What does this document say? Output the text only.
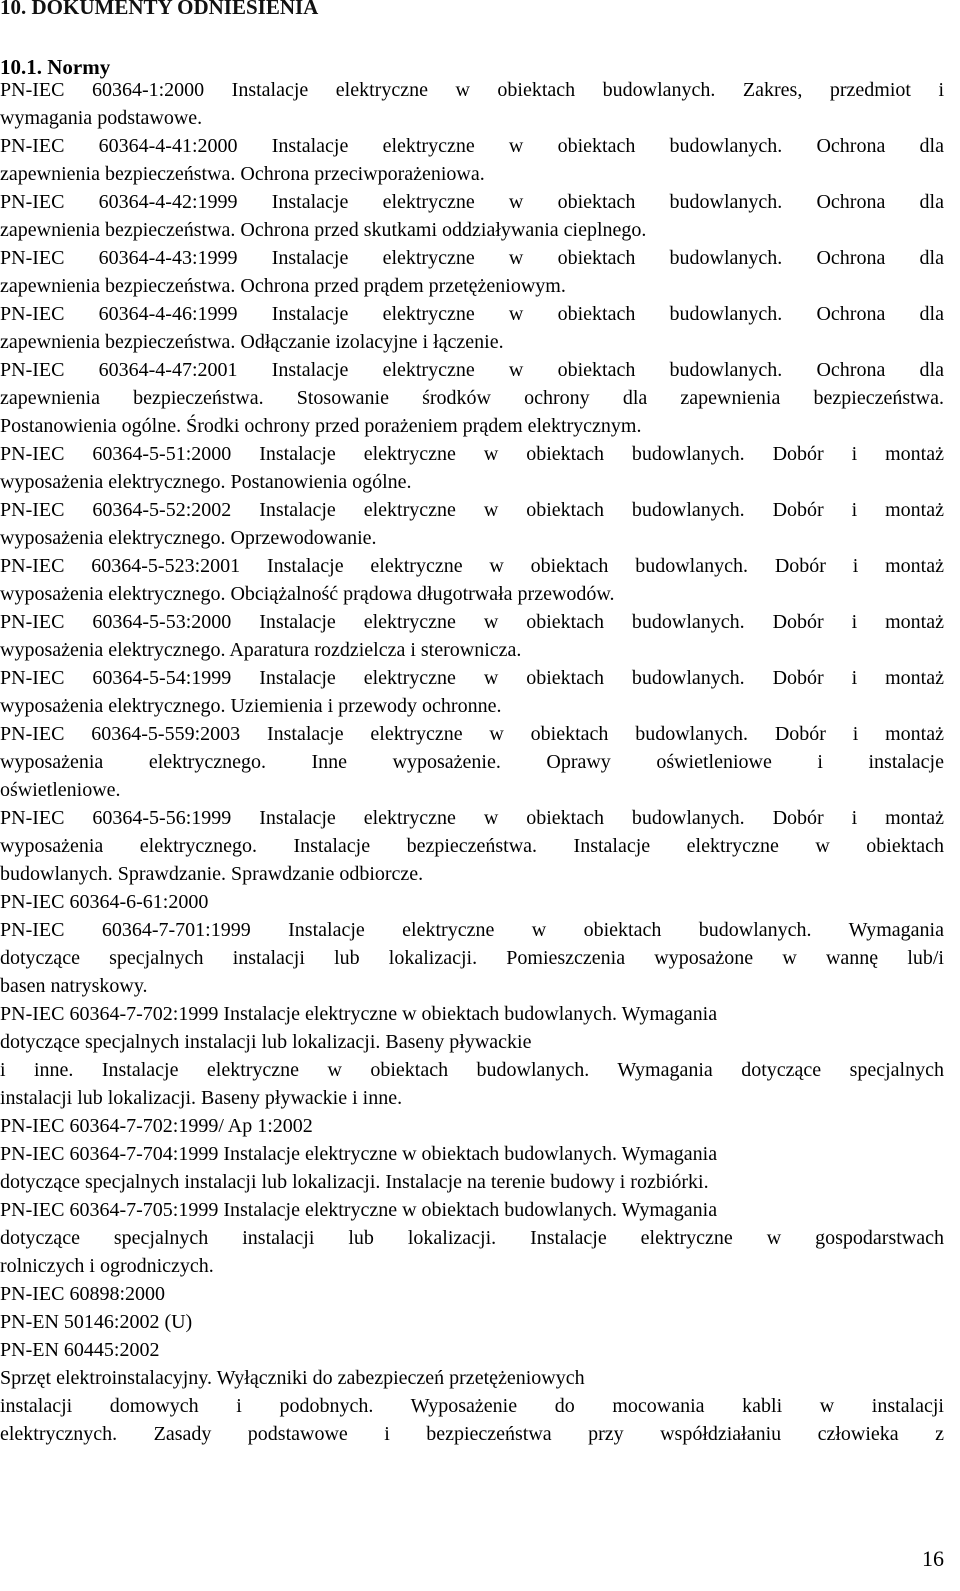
10. DOKUMENTY ODNIESIENIA
10.1. Normy
PN-IEC 60364-1:2000 Instalacje elektryczne w obiektach budowlanych. Zakres, przedmiot i
wymagania podstawowe.
PN-IEC 60364-4-41:2000 Instalacje elektryczne w obiektach budowlanych. Ochrona dla
zapewnienia bezpieczeństwa. Ochrona przeciwporażeniowa.
PN-IEC 60364-4-42:1999 Instalacje elektryczne w obiektach budowlanych. Ochrona dla
zapewnienia bezpieczeństwa. Ochrona przed skutkami oddziaływania cieplnego.
PN-IEC 60364-4-43:1999 Instalacje elektryczne w obiektach budowlanych. Ochrona dla
zapewnienia bezpieczeństwa. Ochrona przed prądem przetężeniowym.
PN-IEC 60364-4-46:1999 Instalacje elektryczne w obiektach budowlanych. Ochrona dla
zapewnienia bezpieczeństwa. Odłączanie izolacyjne i łączenie.
PN-IEC 60364-4-47:2001 Instalacje elektryczne w obiektach budowlanych. Ochrona dla
zapewnienia bezpieczeństwa. Stosowanie środków ochrony dla zapewnienia bezpieczeństwa.
Postanowienia ogólne. Środki ochrony przed porażeniem prądem elektrycznym.
PN-IEC 60364-5-51:2000 Instalacje elektryczne w obiektach budowlanych. Dobór i montaż
wyposażenia elektrycznego. Postanowienia ogólne.
PN-IEC 60364-5-52:2002 Instalacje elektryczne w obiektach budowlanych. Dobór i montaż
wyposażenia elektrycznego. Oprzewodowanie.
PN-IEC 60364-5-523:2001 Instalacje elektryczne w obiektach budowlanych. Dobór i montaż
wyposażenia elektrycznego. Obciążalność prądowa długotrwała przewodów.
PN-IEC 60364-5-53:2000 Instalacje elektryczne w obiektach budowlanych. Dobór i montaż
wyposażenia elektrycznego. Aparatura rozdzielcza i sterownicza.
PN-IEC 60364-5-54:1999 Instalacje elektryczne w obiektach budowlanych. Dobór i montaż
wyposażenia elektrycznego. Uziemienia i przewody ochronne.
PN-IEC 60364-5-559:2003 Instalacje elektryczne w obiektach budowlanych. Dobór i montaż
wyposażenia elektrycznego. Inne wyposażenie. Oprawy oświetleniowe i instalacje
oświetleniowe.
PN-IEC 60364-5-56:1999 Instalacje elektryczne w obiektach budowlanych. Dobór i montaż
wyposażenia elektrycznego. Instalacje bezpieczeństwa. Instalacje elektryczne w obiektach
budowlanych. Sprawdzanie. Sprawdzanie odbiorcze.
PN-IEC 60364-6-61:2000
PN-IEC 60364-7-701:1999 Instalacje elektryczne w obiektach budowlanych. Wymagania
dotyczące specjalnych instalacji lub lokalizacji. Pomieszczenia wyposażone w wannę lub/i
basen natryskowy.
PN-IEC 60364-7-702:1999 Instalacje elektryczne w obiektach budowlanych. Wymagania
dotyczące specjalnych instalacji lub lokalizacji. Baseny pływackie
i inne. Instalacje elektryczne w obiektach budowlanych. Wymagania dotyczące specjalnych
instalacji lub lokalizacji. Baseny pływackie i inne.
PN-IEC 60364-7-702:1999/ Ap 1:2002
PN-IEC 60364-7-704:1999 Instalacje elektryczne w obiektach budowlanych. Wymagania
dotyczące specjalnych instalacji lub lokalizacji. Instalacje na terenie budowy i rozbiórki.
PN-IEC 60364-7-705:1999 Instalacje elektryczne w obiektach budowlanych. Wymagania
dotyczące specjalnych instalacji lub lokalizacji. Instalacje elektryczne w gospodarstwach
rolniczych i ogrodniczych.
PN-IEC 60898:2000
PN-EN 50146:2002 (U)
PN-EN 60445:2002
Sprzęt elektroinstalacyjny. Wyłączniki do zabezpieczeń przetężeniowych
instalacji domowych i podobnych. Wyposażenie do mocowania kabli w instalacji
elektrycznych. Zasady podstawowe i bezpieczeństwa przy współdziałaniu człowieka z
16
